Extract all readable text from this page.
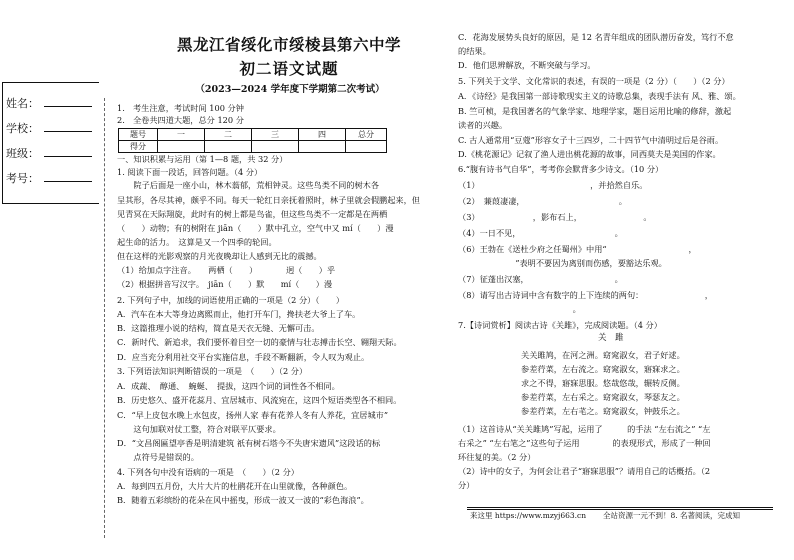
姓名：
学校：
班级：
考号：
黑龙江省绥化市绥棱县第六中学
初二语文试题
（2023—2024 学年度下学期第二次考试）
1.　考生注意，考试时间 100 分钟
2.　全卷共四道大题，总分 120 分
题号	一	二	三	四	总分
得分					
一、知识积累与运用（第 1—8 题，共 32 分）
1. 阅读下面一段话，回答问题。（4 分）
　　院子后面是一座小山，林木蓊郁，荒相钟灵。这些鸟类不同的树木各
呈其形，各尽其神，颇乎不同。每天一轮红日亲抚着照时，林子里就会假鹏起来，但
见青冥在天际翔旋，此时有的树上都是鸟雀，但这些鸟类不一定都是在两栖
（　　）动物；有的树附在 jiān（　　）默中孔立，空气中又 mí（　　）漫
起生命的活力。　这算是又一个四季的轮回。
但在这样的光影观察的月光夜晚却让人感到无比的震撼。
（1）给加点字注音。　　两栖（　　）　　　　迥（　　）乎
（2）根据拼音写汉字。　jiān（　　）默　　mí（　　）漫
2. 下列句子中，加线的词语使用正确的一项是（2 分）（　　）
A．汽车在本大等身边离熙而止，他打开车门，搀扶老大爷上了车。
B．这篇推理小说的结构，简直是天衣无缝、无懈可击。
C．新时代、新追求，我们要怀着目空一切的豪情与壮志搏击长空、翱翔天际。
D．应当充分利用社交平台实施信息，手段不断翻新，令人叹为观止。
3. 下列语法知识判断错误的一项是　（　　）（2 分）
A．成蔬、　醇通、　蜿蜒、　提拔，这四个词的词性各不相同。
B．历史悠久、盛开花蕊月、宜居城市、风流宛在，这四个短语类型各不相同。
C．“早上皮包水晚上水包皮，扬州人家 春有花养人冬有人养花，宜居城市”
　　这句加联对仗工整，符合对联平仄要求。
D．“文昌阁匾望亭香是明清建筑 祇有树石塔今不失唐宋遗风”这段话的标
　　点符号是错误的。
4. 下列各句中没有语病的一项是　（　　）（2 分）
A．每到四五月份，大片大片的杜鹃花开在山里就像，各种颜色。
B．随着五彩缤纷的花朵在风中摇曳，形成一波又一波的“彩色海浪”。
C．花海发展势头良好的原因，是 12 名青年组成的团队潜历奋发，笃行不怠
的结果。
D．他们思辨解放，不断突破与学习。
5. 下列关于文学、文化常识的表述，有误的一项是（2 分）（　　）（2 分）
A．《诗经》是我国第一部诗歌现实主义的诗歌总集，表现手法有 风、雅、颂。
B. 竺可桢，是我国著名的气象学家、地理学家，题目运用比喻的修辞，激起
读者的兴趣。
C. 古人通常用“豆蔻”形容女子十三四岁，二十四节气中清明过后是谷雨。
D.《桃花源记》记叙了渔人进出桃花源的故事，同西莫夫是美国的作家。
6.“腹有诗书气自华”，考考你会默背多少诗文。（10 分）
（1）　　　　　　　　　　　　　　，并拾然自乐。
（2）　蒹葭凄凄，　　　　　　　　　　　　。
（3）　　　　　　　，影布石上，　　　　　　　　。
（4）一日不见，　　　　　　　　　　　　。
（6）王勃在《送杜少府之任蜀州》中用“　　　　　　　　　　，　　　　　
　　　　　　　”表明不要因为离别而伤感，要豁达乐观。
（7）征蓬出汉塞，　　　　　　　　　　　。
（8）请写出古诗词中含有数字的上下连续的两句：　　　　　　　　，
　　　　　　　　　　　　　　。
7.【诗词赏析】阅读古诗《关雎》，完成阅读题。（4 分）
（1）这首诗从“关关雎鸠”写起，运用了　　　的手法 “左右流之” “左
右采之” “左右笔之”这些句子运用　　　　的表现形式，形成了一种回
环往复的美。（2 分）
（2）诗中的女子，为何会让君子“寤寐思服”？请用自己的话概括。（2
分）
关　雎
关关雎鸠，在河之洲。窈窕淑女，君子好逑。
参差荇菜，左右流之。窈窕淑女，寤寐求之。
求之不得，寤寐思服。悠哉悠哉，辗转反侧。
参差荇菜，左右采之。窈窕淑女，琴瑟友之。
参差荇菜，左右芼之。窈窕淑女，钟鼓乐之。
来这里 https://www.mzyj663.cn 全站资源一元不到！8. 名著阅读，完成知
